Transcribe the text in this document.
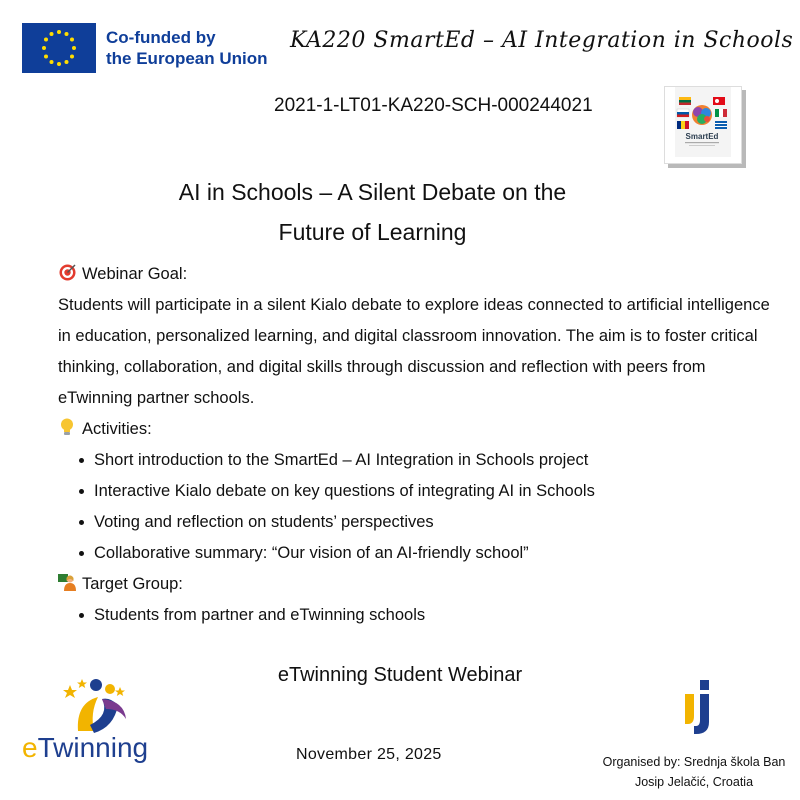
Co-funded by
the European Union
KA220 SmartEd – AI Integration in Schools
2021-1-LT01-KA220-SCH-000244021
SmartEd
AI in Schools – A Silent Debate on the
Future of Learning

Webinar Goal:

Students will participate in a silent Kialo debate to explore ideas connected to artificial intelligence in education, personalized learning, and digital classroom innovation. The aim is to foster critical thinking, collaboration, and digital skills through discussion and reflection with peers from eTwinning partner schools.

Activities:

Short introduction to the SmartEd – AI Integration in Schools project
Interactive Kialo debate on key questions of integrating AI in Schools
Voting and reflection on students’ perspectives
Collaborative summary: “Our vision of an AI-friendly school”

Target Group:

Students from partner and eTwinning schools
eTwinning Student Webinar
November 25, 2025
eTwinning	Organised by: Srednja škola Ban
Josip Jelačić, Croatia
